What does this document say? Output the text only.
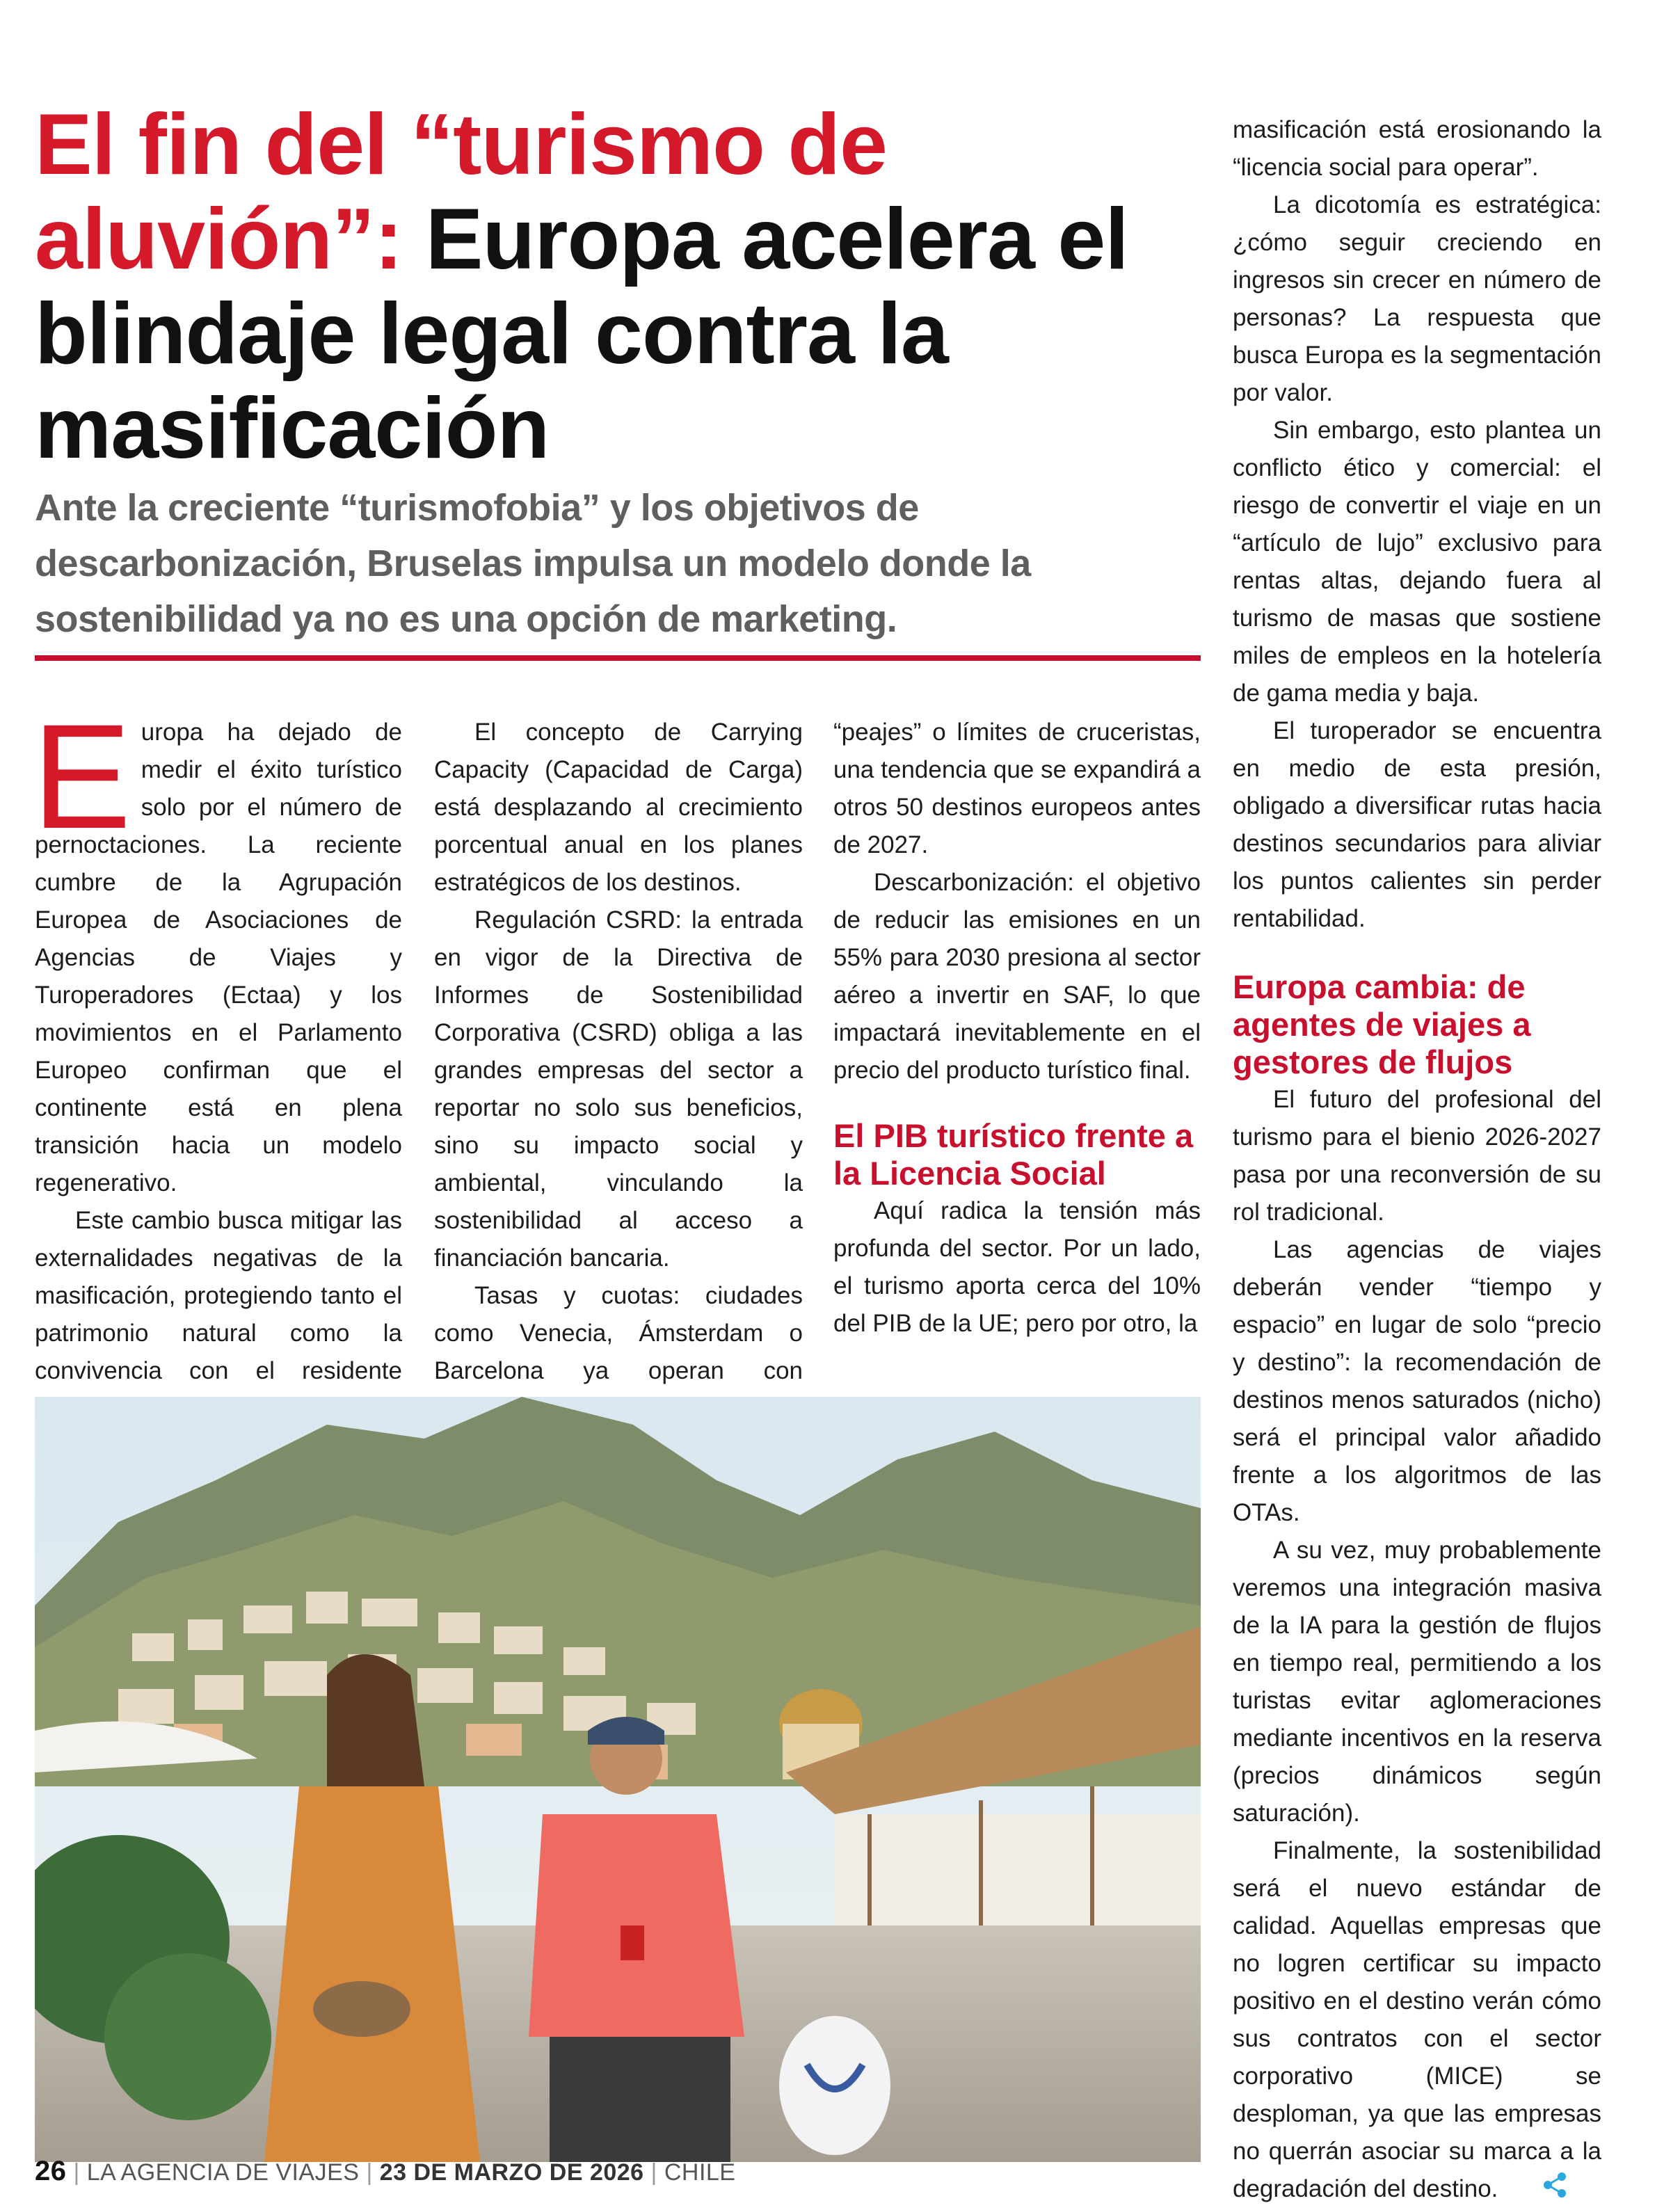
El fin del “turismo de aluvión”: Europa acelera el blindaje legal contra la masificación
Ante la creciente “turismofobia” y los objetivos de descarbonización, Bruselas impulsa un modelo donde la sostenibilidad ya no es una opción de marketing.

Europa ha dejado de medir el éxito turístico solo por el número de pernoctaciones. La reciente cumbre de la Agrupación Europea de Asociaciones de Agencias de Viajes y Turoperadores (Ectaa) y los movimientos en el Parlamento Europeo confirman que el continente está en plena transición hacia un modelo regenerativo.

Este cambio busca mitigar las externalidades negativas de la masificación, protegiendo tanto el patrimonio natural como la convivencia con el residente

El concepto de Carrying Capacity (Capacidad de Carga) está desplazando al crecimiento porcentual anual en los planes estratégicos de los destinos.

Regulación CSRD: la entrada en vigor de la Directiva de Informes de Sostenibilidad Corporativa (CSRD) obliga a las grandes empresas del sector a reportar no solo sus beneficios, sino su impacto social y ambiental, vinculando la sostenibilidad al acceso a financiación bancaria.

Tasas y cuotas: ciudades como Venecia, Ámsterdam o Barcelona ya operan con

“peajes” o límites de cruceristas, una tendencia que se expandirá a otros 50 destinos europeos antes de 2027.

Descarbonización: el objetivo de reducir las emisiones en un 55% para 2030 presiona al sector aéreo a invertir en SAF, lo que impactará inevitablemente en el precio del producto turístico final.

El PIB turístico frente a la Licencia Social

Aquí radica la tensión más profunda del sector. Por un lado, el turismo aporta cerca del 10% del PIB de la UE; pero por otro, la

masificación está erosionando la “licencia social para operar”.

La dicotomía es estratégica: ¿cómo seguir creciendo en ingresos sin crecer en número de personas? La respuesta que busca Europa es la segmentación por valor.

Sin embargo, esto plantea un conflicto ético y comercial: el riesgo de convertir el viaje en un “artículo de lujo” exclusivo para rentas altas, dejando fuera al turismo de masas que sostiene miles de empleos en la hotelería de gama media y baja.

El turoperador se encuentra en medio de esta presión, obligado a diversificar rutas hacia destinos secundarios para aliviar los puntos calientes sin perder rentabilidad.

Europa cambia: de agentes de viajes a gestores de flujos

El futuro del profesional del turismo para el bienio 2026-2027 pasa por una reconversión de su rol tradicional.

Las agencias de viajes deberán vender “tiempo y espacio” en lugar de solo “precio y destino”: la recomendación de destinos menos saturados (nicho) será el principal valor añadido frente a los algoritmos de las OTAs.

A su vez, muy probablemente veremos una integración masiva de la IA para la gestión de flujos en tiempo real, permitiendo a los turistas evitar aglomeraciones mediante incentivos en la reserva (precios dinámicos según saturación).

Finalmente, la sostenibilidad será el nuevo estándar de calidad. Aquellas empresas que no logren certificar su impacto positivo en el destino verán cómo sus contratos con el sector corporativo (MICE) se desploman, ya que las empresas no querrán asociar su marca a la degradación del destino.

26 | LA AGENCIA DE VIAJES | 23 DE MARZO DE 2026 | CHILE
